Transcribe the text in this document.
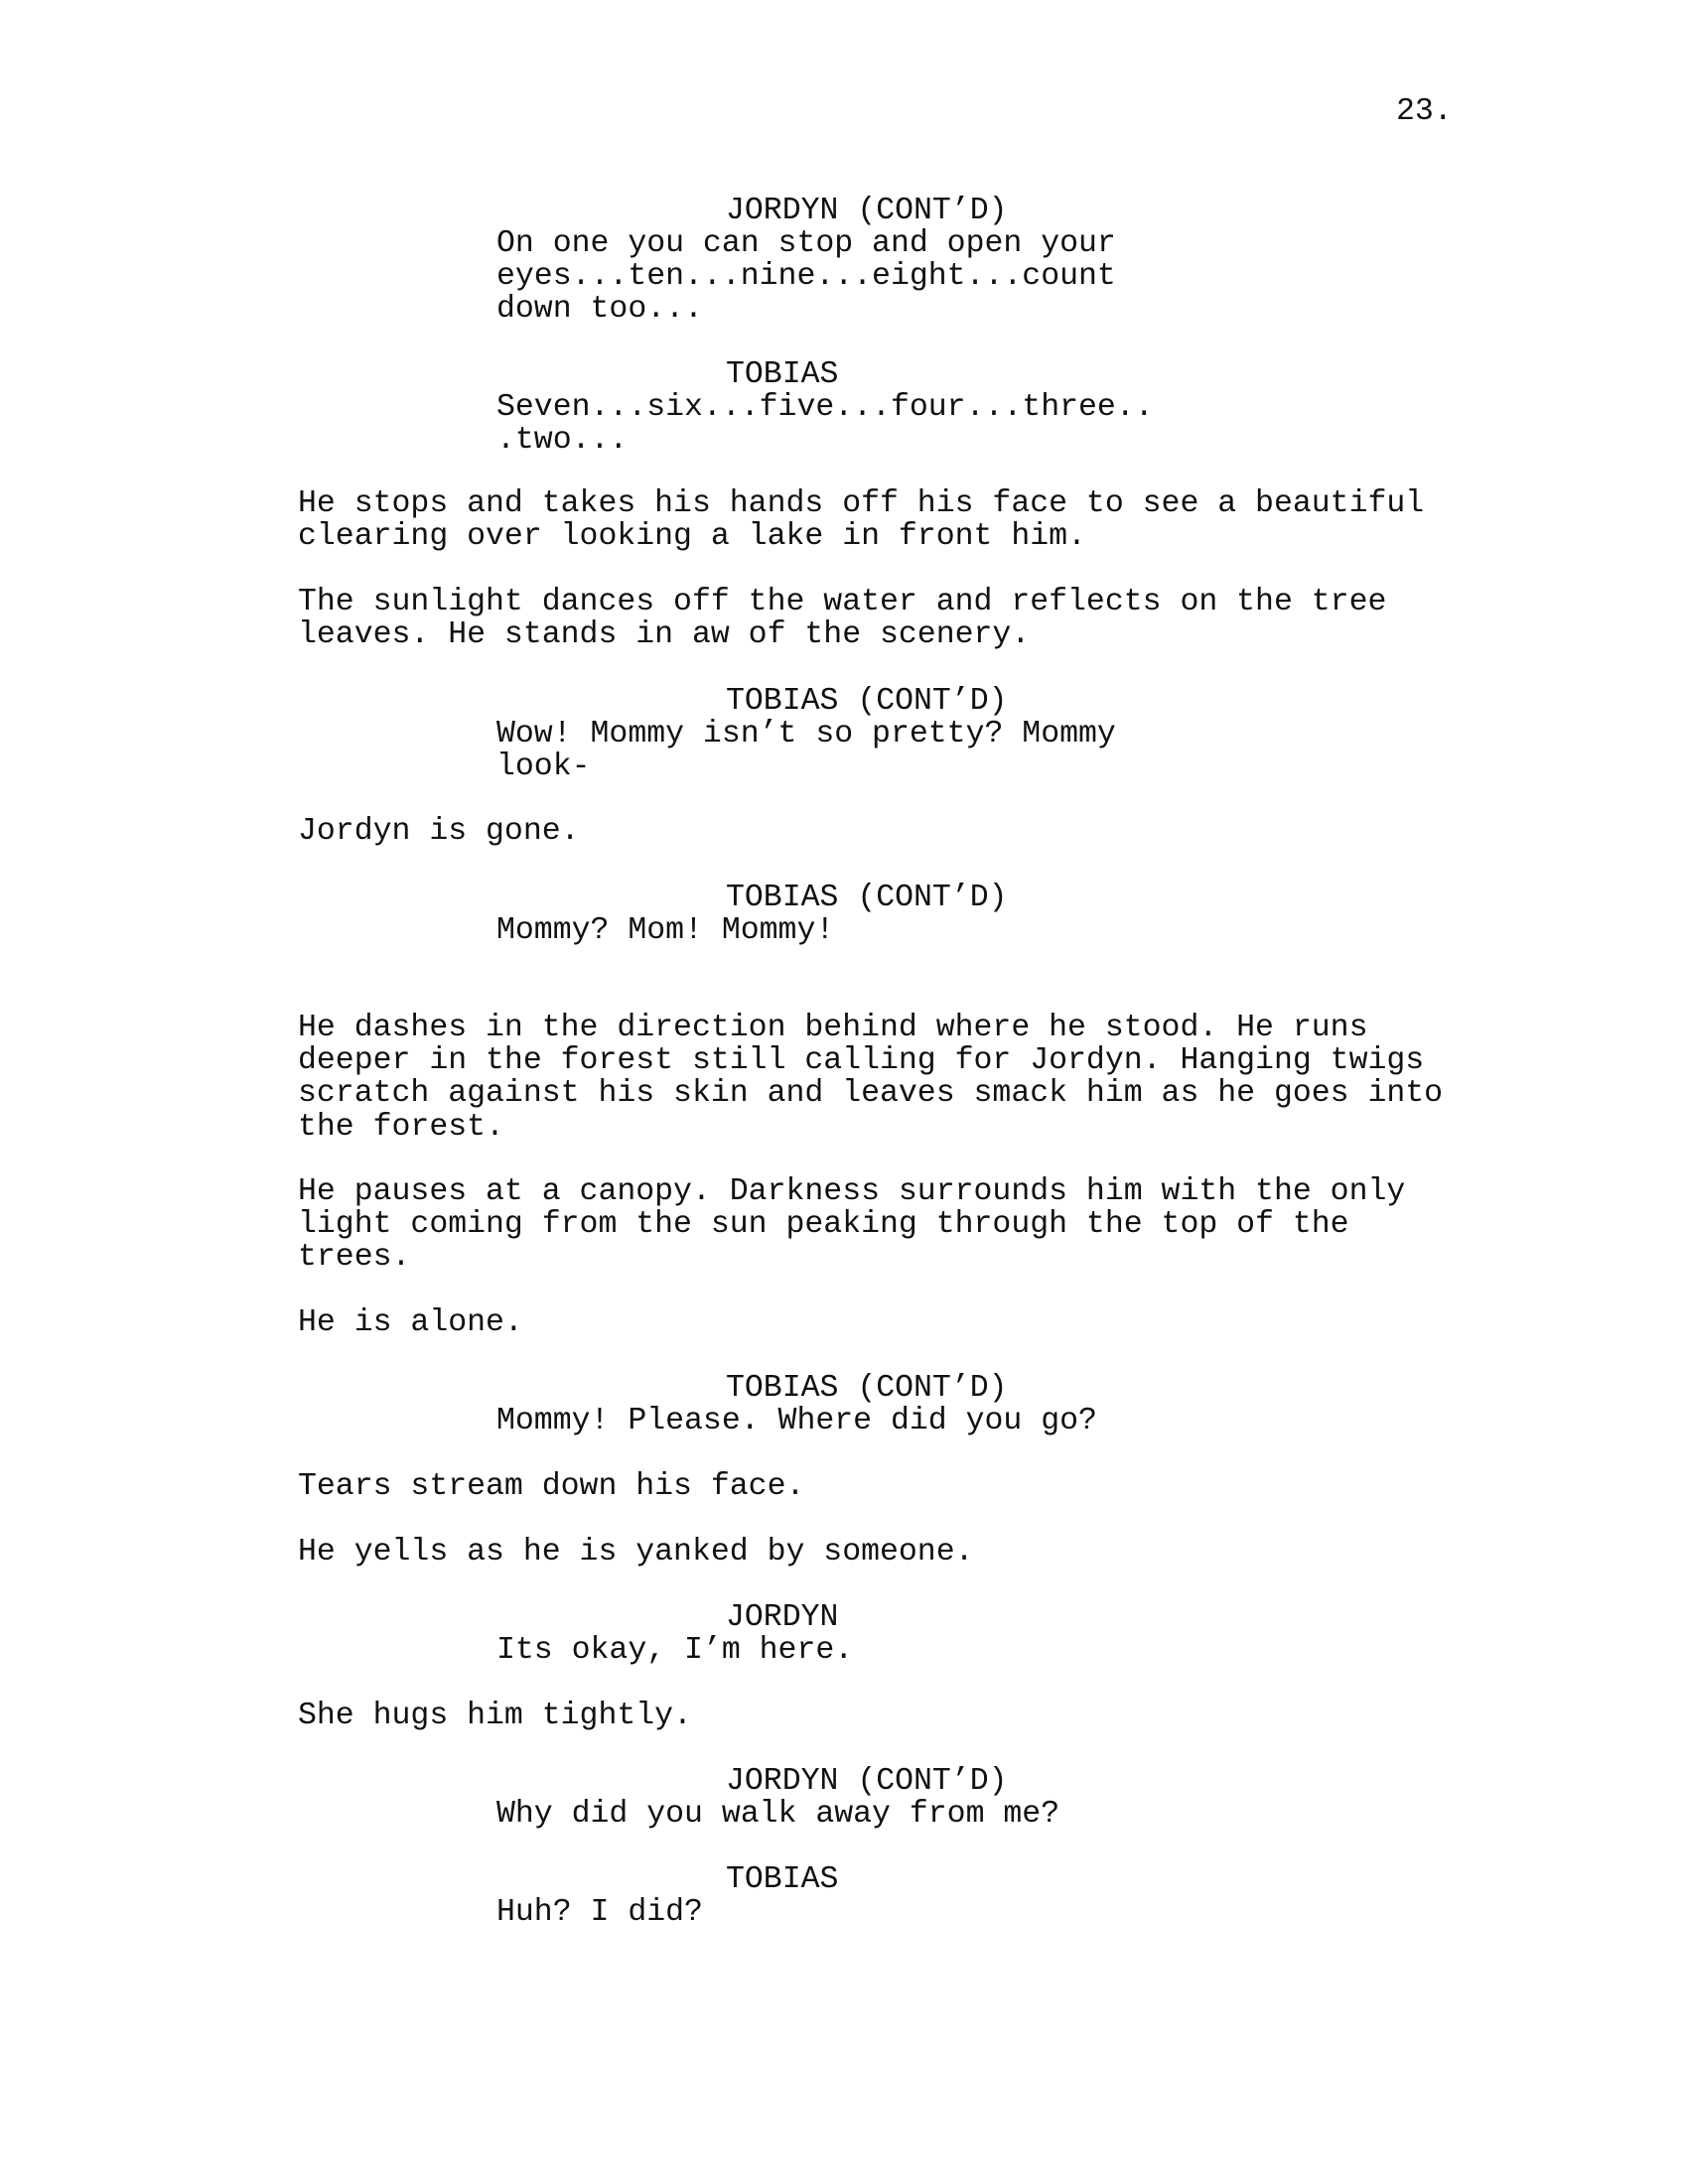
23.
JORDYN (CONT’D)
On one you can stop and open your
eyes...ten...nine...eight...count
down too...
TOBIAS
Seven...six...five...four...three..
.two...
He stops and takes his hands off his face to see a beautiful
clearing over looking a lake in front him.
The sunlight dances off the water and reflects on the tree
leaves. He stands in aw of the scenery.
TOBIAS (CONT’D)
Wow! Mommy isn’t so pretty? Mommy
look-
Jordyn is gone.
TOBIAS (CONT’D)
Mommy? Mom! Mommy!
He dashes in the direction behind where he stood. He runs
deeper in the forest still calling for Jordyn. Hanging twigs
scratch against his skin and leaves smack him as he goes into
the forest.
He pauses at a canopy. Darkness surrounds him with the only
light coming from the sun peaking through the top of the
trees.
He is alone.
TOBIAS (CONT’D)
Mommy! Please. Where did you go?
Tears stream down his face.
He yells as he is yanked by someone.
JORDYN
Its okay, I’m here.
She hugs him tightly.
JORDYN (CONT’D)
Why did you walk away from me?
TOBIAS
Huh? I did?
